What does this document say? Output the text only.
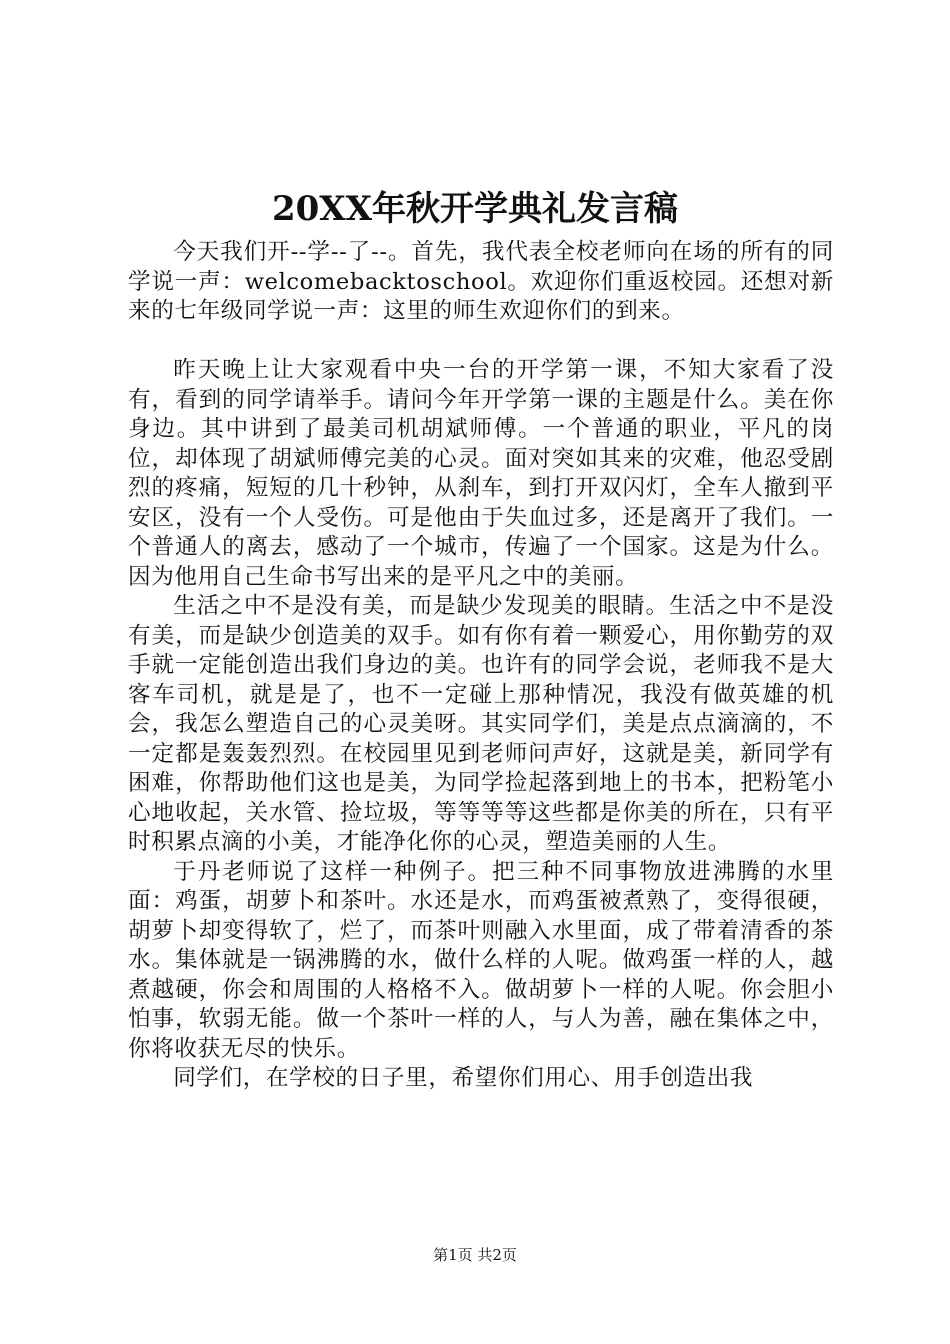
20XX年秋开学典礼发言稿

今天我们开--学--了--。首先，我代表全校老师向在场的所有的同学说一声：welcomebacktoschool。欢迎你们重返校园。还想对新来的七年级同学说一声：这里的师生欢迎你们的到来。

昨天晚上让大家观看中央一台的开学第一课，不知大家看了没有，看到的同学请举手。请问今年开学第一课的主题是什么。美在你身边。其中讲到了最美司机胡斌师傅。一个普通的职业，平凡的岗位，却体现了胡斌师傅完美的心灵。面对突如其来的灾难，他忍受剧烈的疼痛，短短的几十秒钟，从刹车，到打开双闪灯，全车人撤到平安区，没有一个人受伤。可是他由于失血过多，还是离开了我们。一个普通人的离去，感动了一个城市，传遍了一个国家。这是为什么。因为他用自己生命书写出来的是平凡之中的美丽。

生活之中不是没有美，而是缺少发现美的眼睛。生活之中不是没有美，而是缺少创造美的双手。如有你有着一颗爱心，用你勤劳的双手就一定能创造出我们身边的美。也许有的同学会说，老师我不是大客车司机，就是是了，也不一定碰上那种情况，我没有做英雄的机会，我怎么塑造自己的心灵美呀。其实同学们，美是点点滴滴的，不一定都是轰轰烈烈。在校园里见到老师问声好，这就是美，新同学有困难，你帮助他们这也是美，为同学捡起落到地上的书本，把粉笔小心地收起，关水管、捡垃圾，等等等等这些都是你美的所在，只有平时积累点滴的小美，才能净化你的心灵，塑造美丽的人生。

于丹老师说了这样一种例子。把三种不同事物放进沸腾的水里面：鸡蛋，胡萝卜和茶叶。水还是水，而鸡蛋被煮熟了，变得很硬，胡萝卜却变得软了，烂了，而茶叶则融入水里面，成了带着清香的茶水。集体就是一锅沸腾的水，做什么样的人呢。做鸡蛋一样的人，越煮越硬，你会和周围的人格格不入。做胡萝卜一样的人呢。你会胆小怕事，软弱无能。做一个茶叶一样的人，与人为善，融在集体之中，你将收获无尽的快乐。

同学们，在学校的日子里，希望你们用心、用手创造出我

第1页 共2页
